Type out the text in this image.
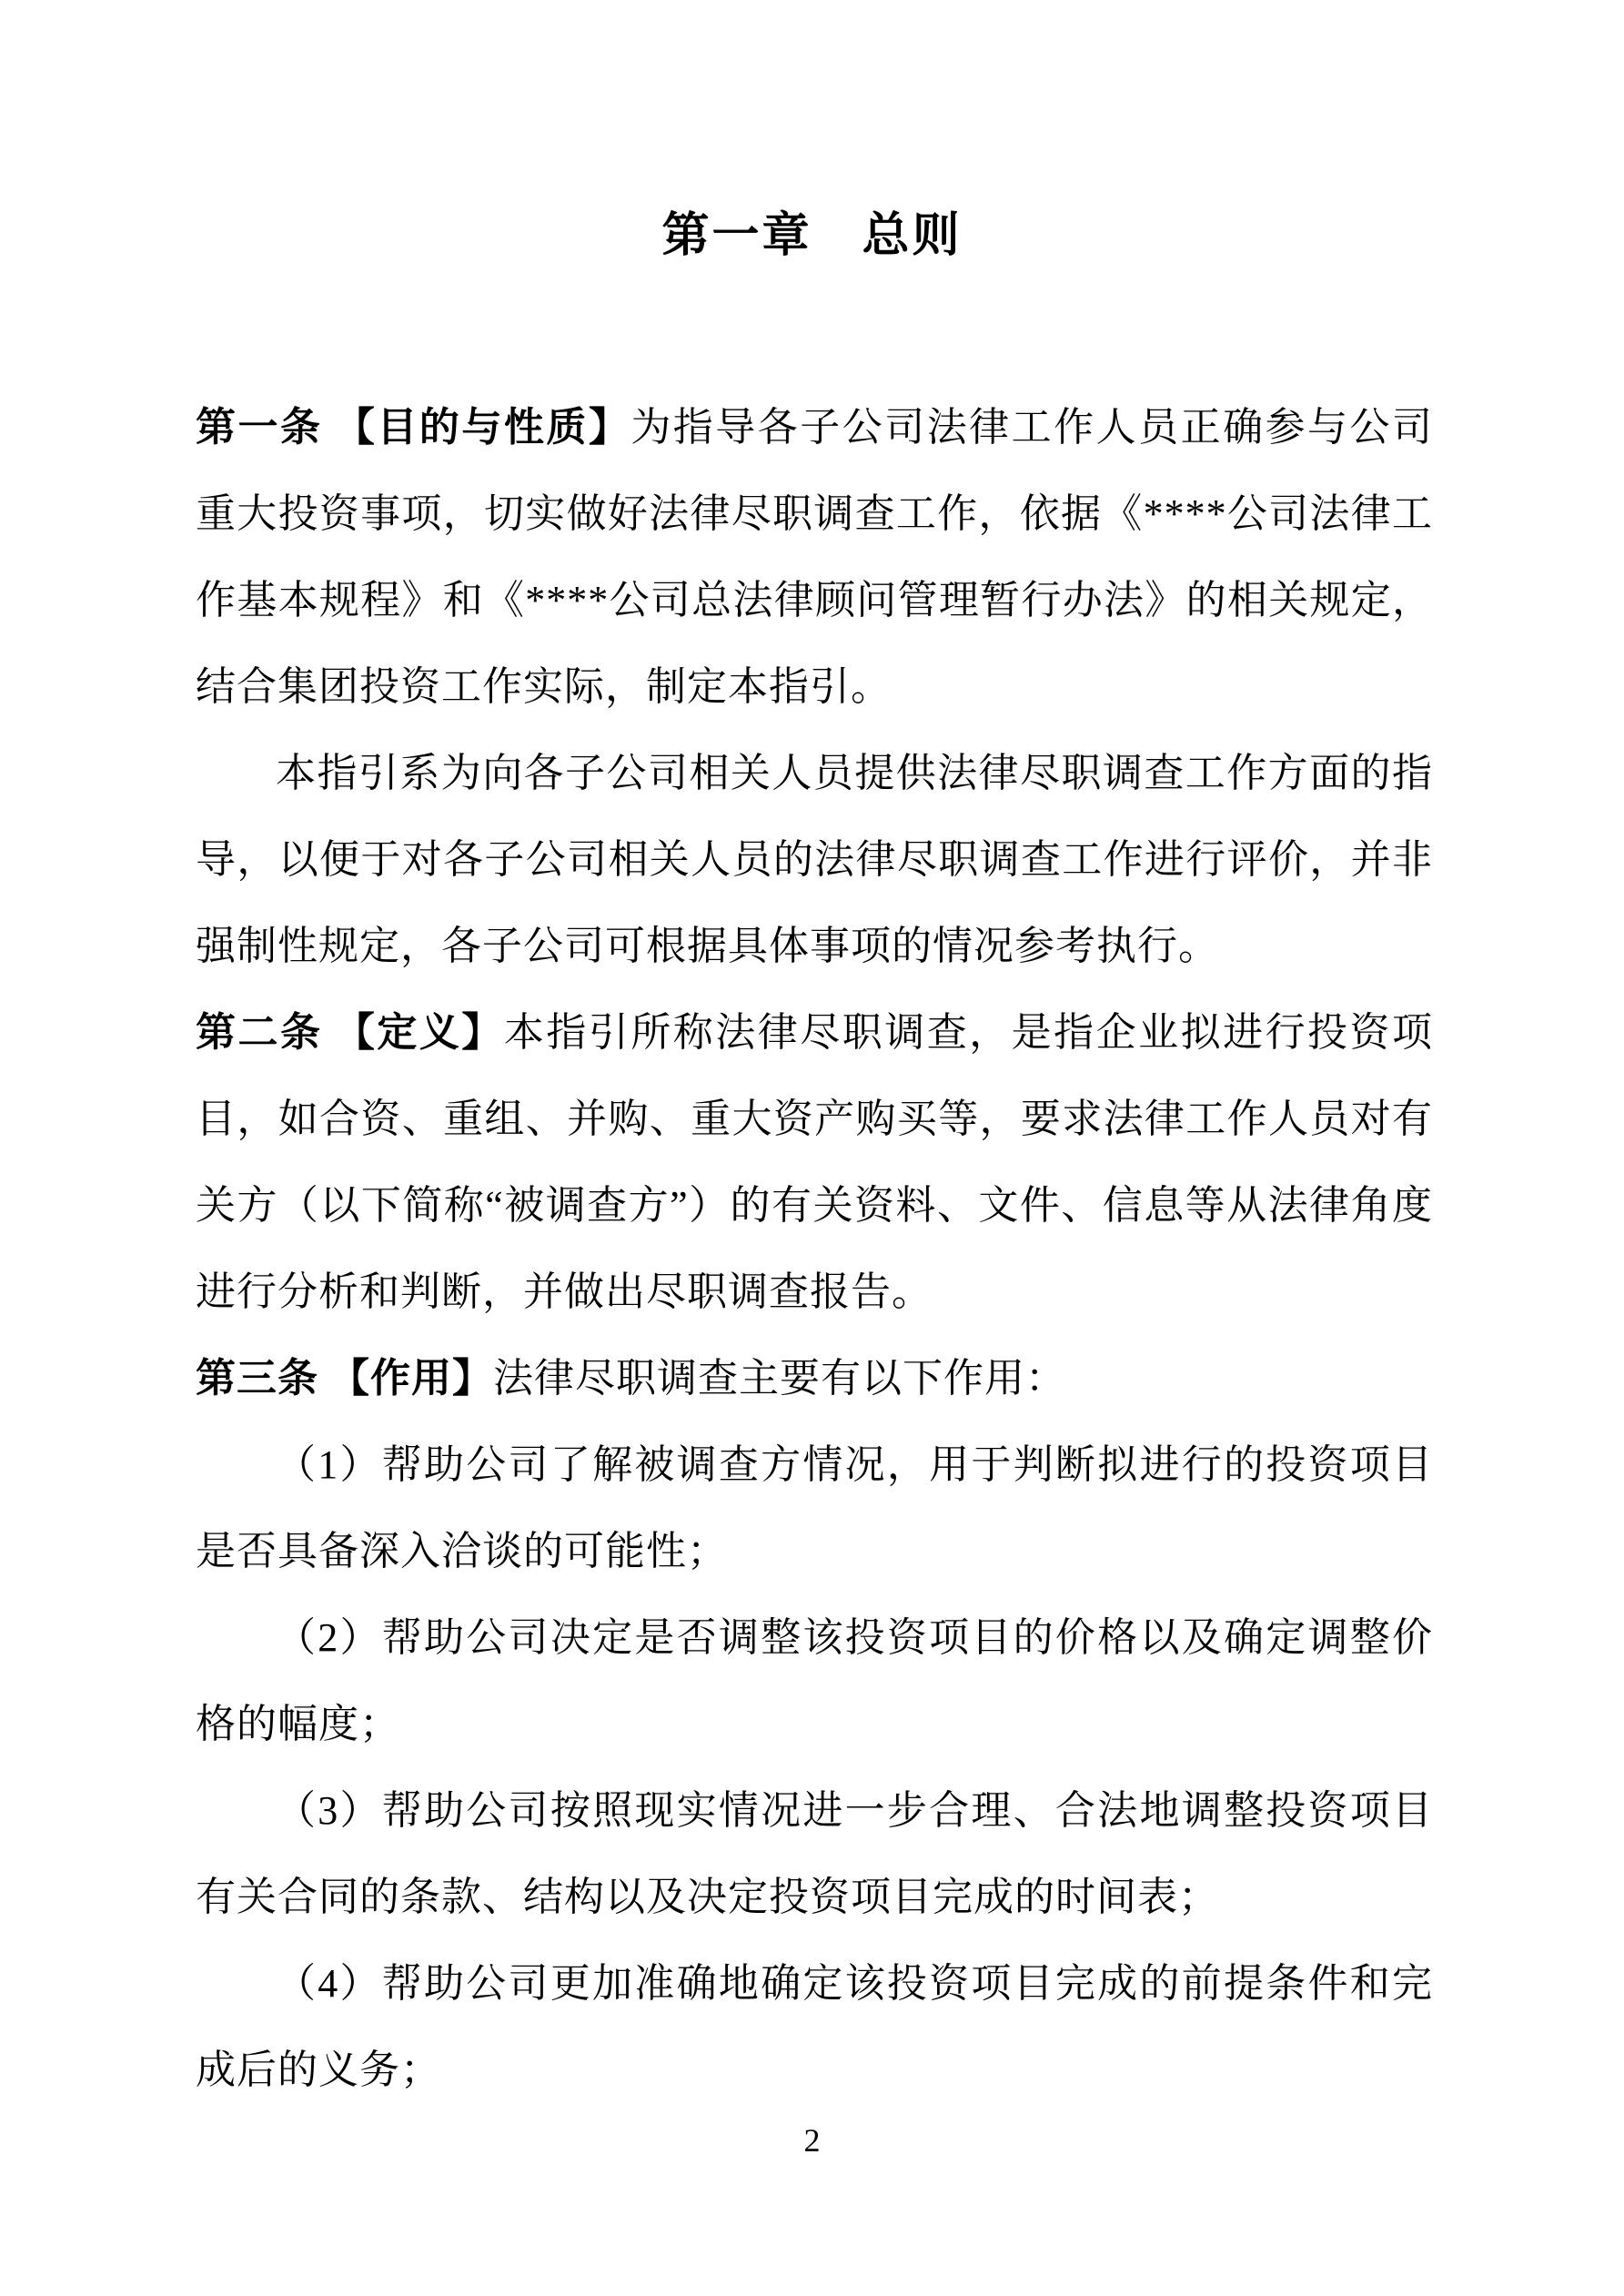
第一章　总则

第一条 【目的与性质】为指导各子公司法律工作人员正确参与公司重大投资事项，切实做好法律尽职调查工作，依据《****公司法律工作基本规程》和《****公司总法律顾问管理暂行办法》的相关规定，结合集团投资工作实际，制定本指引。

本指引系为向各子公司相关人员提供法律尽职调查工作方面的指导，以便于对各子公司相关人员的法律尽职调查工作进行评价，并非强制性规定，各子公司可根据具体事项的情况参考执行。

第二条 【定义】本指引所称法律尽职调查，是指企业拟进行投资项目，如合资、重组、并购、重大资产购买等，要求法律工作人员对有关方（以下简称“被调查方”）的有关资料、文件、信息等从法律角度进行分析和判断，并做出尽职调查报告。

第三条 【作用】法律尽职调查主要有以下作用：

（1）帮助公司了解被调查方情况，用于判断拟进行的投资项目是否具备深入洽谈的可能性；

（2）帮助公司决定是否调整该投资项目的价格以及确定调整价格的幅度；

（3）帮助公司按照现实情况进一步合理、合法地调整投资项目有关合同的条款、结构以及决定投资项目完成的时间表；

（4）帮助公司更加准确地确定该投资项目完成的前提条件和完成后的义务；

2
